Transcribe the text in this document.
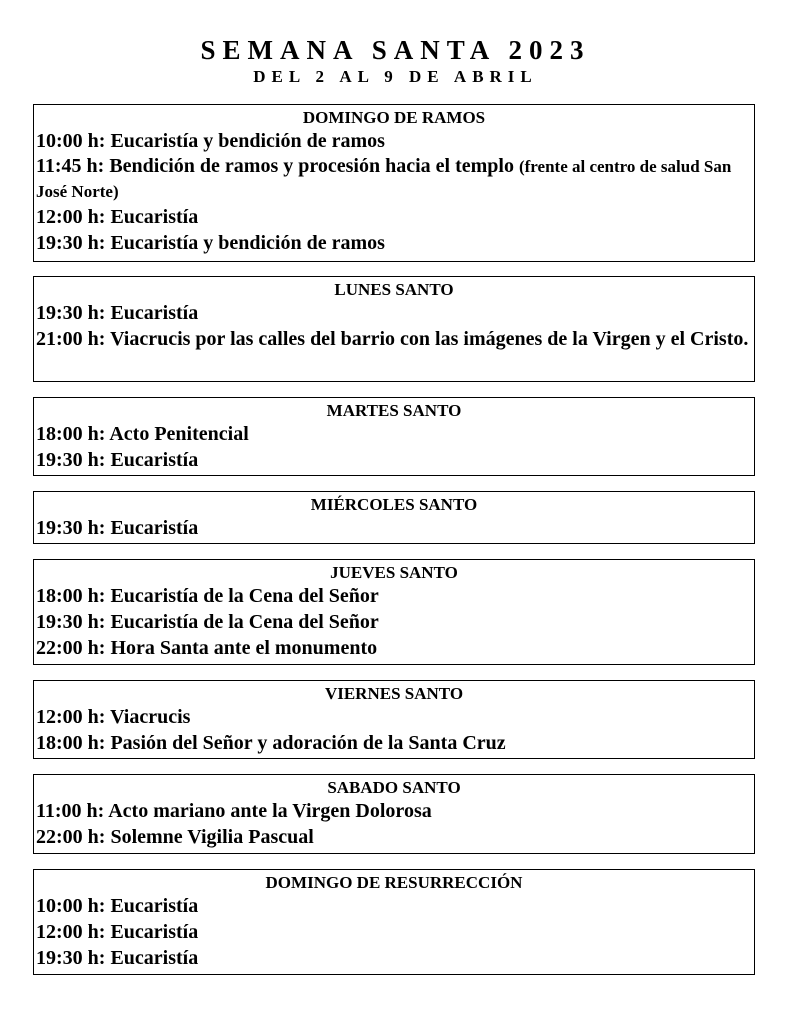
SEMANA SANTA 2023
DEL 2 AL 9 DE ABRIL
DOMINGO DE RAMOS
10:00 h: Eucaristía y bendición de ramos
11:45 h: Bendición de ramos y procesión hacia el templo (frente al centro de salud San José Norte)
12:00 h: Eucaristía
19:30 h: Eucaristía y bendición de ramos
LUNES SANTO
19:30 h: Eucaristía
21:00 h: Viacrucis por las calles del barrio con las imágenes de la Virgen y el Cristo.
MARTES SANTO
18:00 h: Acto Penitencial
19:30 h: Eucaristía
MIÉRCOLES SANTO
19:30 h: Eucaristía
JUEVES SANTO
18:00 h: Eucaristía de la Cena del Señor
19:30 h: Eucaristía de la Cena del Señor
22:00 h: Hora Santa ante el monumento
VIERNES SANTO
12:00 h: Viacrucis
18:00 h: Pasión del Señor y adoración de la Santa Cruz
SABADO SANTO
11:00 h: Acto mariano ante la Virgen Dolorosa
22:00 h: Solemne Vigilia Pascual
DOMINGO DE RESURRECCIÓN
10:00 h: Eucaristía
12:00 h: Eucaristía
19:30 h: Eucaristía
